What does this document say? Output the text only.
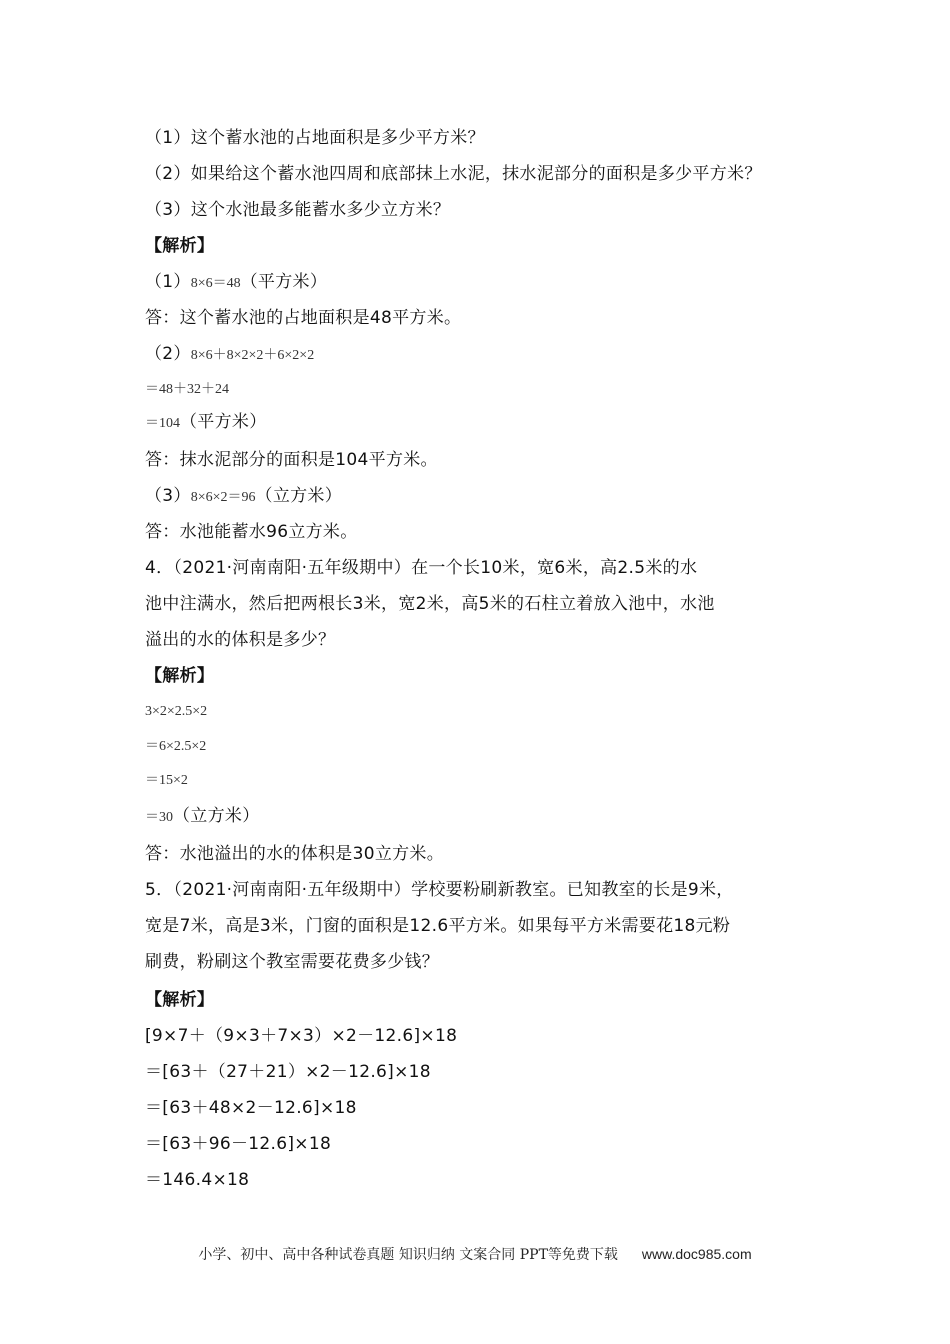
（1）这个蓄水池的占地面积是多少平方米？
（2）如果给这个蓄水池四周和底部抹上水泥，抹水泥部分的面积是多少平方米？
（3）这个水池最多能蓄水多少立方米？
【解析】
（1）8×6＝48（平方米）
答：这个蓄水池的占地面积是48平方米。
（2）8×6＋8×2×2＋6×2×2
＝48＋32＋24
＝104（平方米）
答：抹水泥部分的面积是104平方米。
（3）8×6×2＝96（立方米）
答：水池能蓄水96立方米。
4．（2021·河南南阳·五年级期中）在一个长10米，宽6米，高2.5米的水
池中注满水，然后把两根长3米，宽2米，高5米的石柱立着放入池中，水池
溢出的水的体积是多少？
【解析】
3×2×2.5×2
＝6×2.5×2
＝15×2
＝30（立方米）
答：水池溢出的水的体积是30立方米。
5．（2021·河南南阳·五年级期中）学校要粉刷新教室。已知教室的长是9米，
宽是7米，高是3米，门窗的面积是12.6平方米。如果每平方米需要花18元粉
刷费，粉刷这个教室需要花费多少钱？
【解析】
[9×7＋（9×3＋7×3）×2－12.6]×18
＝[63＋（27＋21）×2－12.6]×18
＝[63＋48×2－12.6]×18
＝[63＋96－12.6]×18
＝146.4×18
小学、初中、高中各种试卷真题 知识归纳 文案合同 PPT等免费下载 www.doc985.com
